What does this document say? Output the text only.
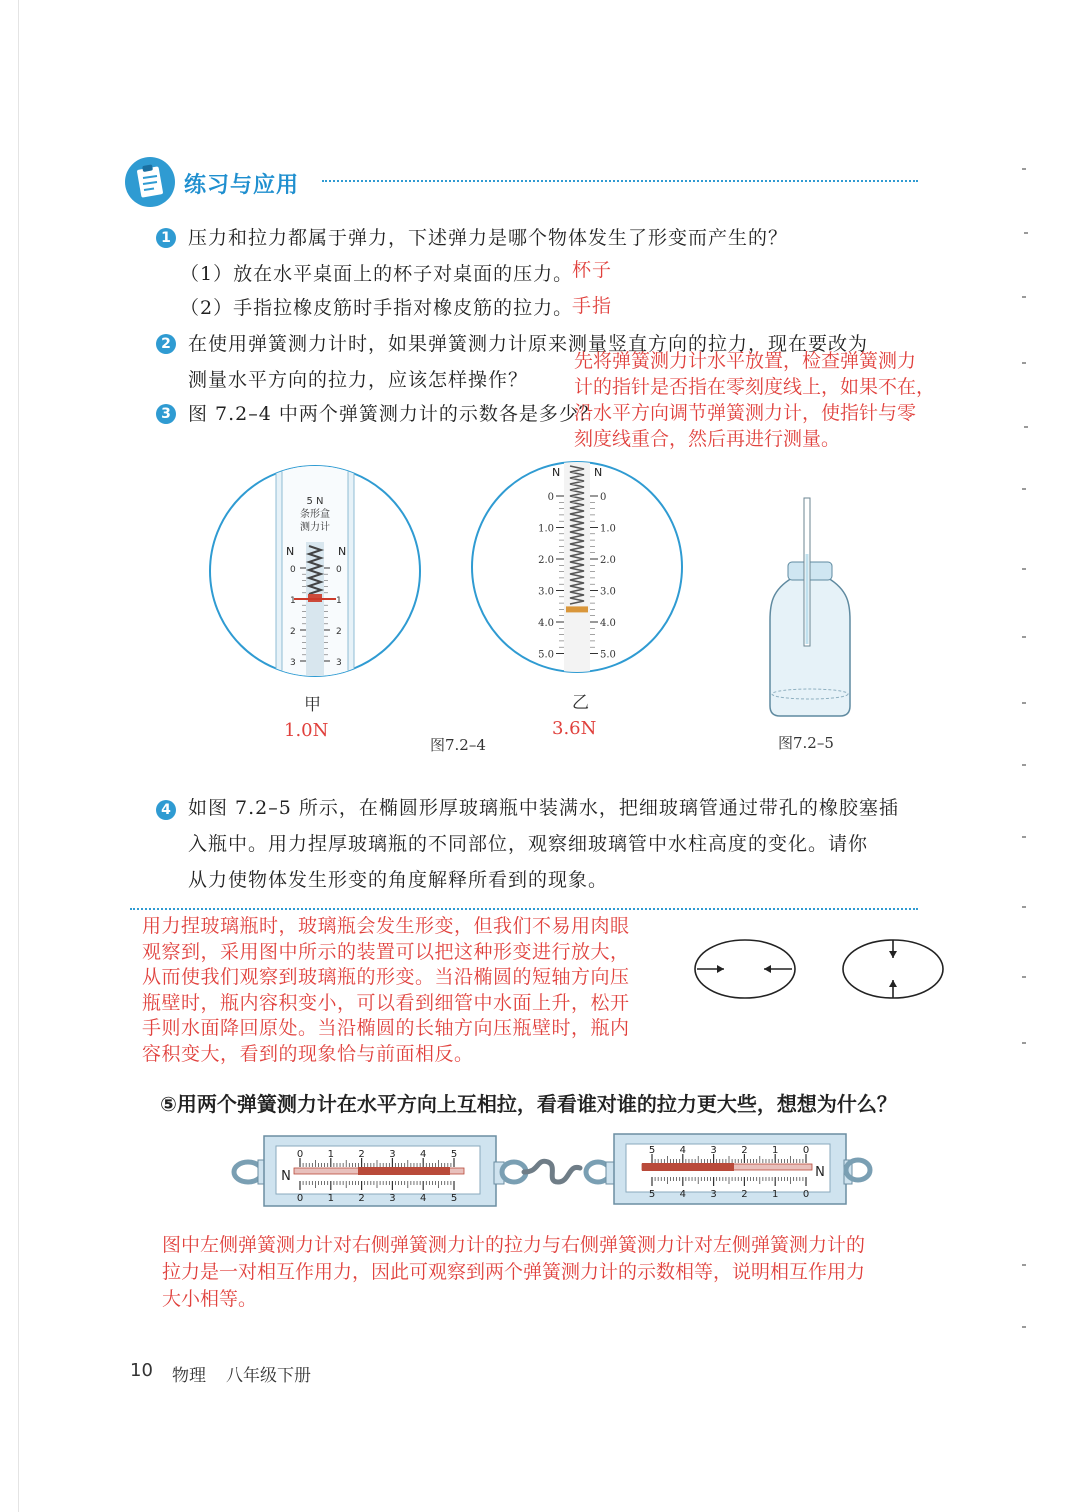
练习与应用
1 压力和拉力都属于弹力，下述弹力是哪个物体发生了形变而产生的？
（1）放在水平桌面上的杯子对桌面的压力。
杯子
（2）手指拉橡皮筋时手指对橡皮筋的拉力。
手指
2 在使用弹簧测力计时，如果弹簧测力计原来测量竖直方向的拉力，现在要改为
测量水平方向的拉力，应该怎样操作？
先将弹簧测力计水平放置，检查弹簧测力
计的指针是否指在零刻度线上，如果不在，
沿水平方向调节弹簧测力计，使指针与零
刻度线重合，然后再进行测量。
3 图 7.2–4 中两个弹簧测力计的示数各是多少？
0	0
1	1
2	2
3	3
5 N
条形盒
测力计
N	N
甲
1.0N
0	0
1.0	1.0
2.0	2.0
3.0	3.0
4.0	4.0
5.0	5.0
N	N
乙
3.6N
图7.2–4	图7.2–5
4 如图 7.2–5 所示，在椭圆形厚玻璃瓶中装满水，把细玻璃管通过带孔的橡胶塞插
入瓶中。用力捏厚玻璃瓶的不同部位，观察细玻璃管中水柱高度的变化。请你
从力使物体发生形变的角度解释所看到的现象。
用力捏玻璃瓶时，玻璃瓶会发生形变，但我们不易用肉眼
观察到，采用图中所示的装置可以把这种形变进行放大，
从而使我们观察到玻璃瓶的形变。当沿椭圆的短轴方向压
瓶壁时，瓶内容积变小，可以看到细管中水面上升，松开
手则水面降回原处。当沿椭圆的长轴方向压瓶壁时，瓶内
容积变大，看到的现象恰与前面相反。
⑤用两个弹簧测力计在水平方向上互相拉，看看谁对谁的拉力更大些，想想为什么？
0
0
1
1
2
2
3
3
4
4
5
5
N
0
0
1
1
2
2
3
3
4
4
5
5
N
图中左侧弹簧测力计对右侧弹簧测力计的拉力与右侧弹簧测力计对左侧弹簧测力计的
拉力是一对相互作用力，因此可观察到两个弹簧测力计的示数相等，说明相互作用力
大小相等。
10 物理 八年级下册
